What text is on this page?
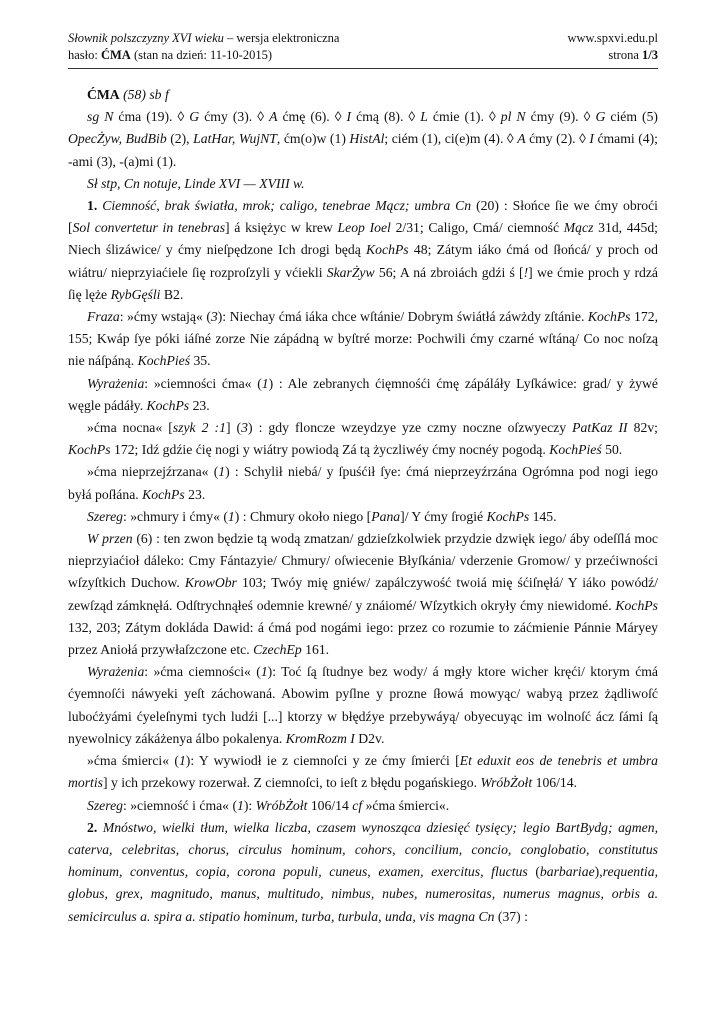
Słownik polszczyzny XVI wieku – wersja elektroniczna	www.spxvi.edu.pl
hasło: ĆMA (stan na dzień: 11-10-2015)	strona 1/3

ĆMA (58) sb f

sg N ćma (19). ◊ G ćmy (3). ◊ A ćmę (6). ◊ I ćmą (8). ◊ L ćmie (1). ◊ pl N ćmy (9). ◊ G ciém (5) OpecŻyw, BudBib (2), LatHar, WujNT, ćm(o)w (1) HistAl; ciém (1), ci(e)m (4). ◊ A ćmy (2). ◊ I ćmami (4); -ami (3), -(a)mi (1).

Sł stp, Cn notuje, Linde XVI — XVIII w.

1. Ciemność, brak światła, mrok; caligo, tenebrae Mącz; umbra Cn (20) : Słońce ſie we ćmy obroći [Sol convertetur in tenebras] á księżyc w krew Leop Ioel 2/31; Caligo, Cmá/ ciemność Mącz 31d, 445d; Niech ślizáwice/ y ćmy nieſpędzone Ich drogi będą KochPs 48; Zátym iáko ćmá od ſłońcá/ y proch od wiátru/ nieprzyiaćiele ſię rozproſzyli y vćiekli SkarŻyw 56; A ná zbroiách gdźi ś [!] we ćmie proch y rdzá ſię lęże RybGęśli B2.

Fraza: »ćmy wstają« (3): Niechay ćmá iáka chce wſtánie/ Dobrym świátłá záwżdy zſtánie. KochPs 172, 155; Kwáp ſye póki iáſné zorze Nie zápádną w byſtré morze: Pochwili ćmy czarné wſtáną/ Co noc noſzą nie náſpáną. KochPieś 35.

Wyrażenia: »ciemności ćma« (1) : Ale zebranych ćięmnośći ćmę zápáláły Lyſkáwice: grad/ y żywé węgle pádáły. KochPs 23.

»ćma nocna« [szyk 2 :1] (3) : gdy floncze wzeydzye yze czmy noczne oſzwyeczy PatKaz II 82v; KochPs 172; Idź gdźie ćię nogi y wiátry powiodą Zá tą życzliwéy ćmy nocnéy pogodą. KochPieś 50.

»ćma nieprzejźrzana« (1) : Schylił niebá/ y ſpuśćił ſye: ćmá nieprzeyźrzána Ogrómna pod nogi iego byłá poſłána. KochPs 23.

Szereg: »chmury i ćmy« (1) : Chmury około niego [Pana]/ Y ćmy ſrogié KochPs 145.

W przen (6) : ten zwon będzie tą wodą zmatzan/ gdzieſzkolwiek przydzie dzwięk iego/ áby odeſſlá moc nieprzyiaćioł dáleko: Cmy Fántazyie/ Chmury/ oſwiecenie Błyſkánia/ vderzenie Gromow/ y przećiwności wſzyſtkich Duchow. KrowObr 103; Twóy mię gniéw/ zapálczywość twoiá mię śćiſnęłá/ Y iáko powódź/ zewſząd zámknęłá. Odſtrychnąłeś odemnie krewné/ y znáiomé/ Wſzytkich okryły ćmy niewidomé. KochPs 132, 203; Zátym dokláda Dawid: á ćmá pod nogámi iego: przez co rozumie to záćmienie Pánnie Máryey przez Aniołá przywłaſzczone etc. CzechEp 161.

Wyrażenia: »ćma ciemności« (1): Toć ſą ſtudnye bez wody/ á mgły ktore wicher kręći/ ktorym ćmá ćyemnoſći náwyeki yeſt záchowaná. Abowim pyſlne y prozne ſłowá mowyąc/ wabyą przez żądliwoſć luboćżyámi ćyeleſnymi tych ludźi [...] ktorzy w błędźye przebywáyą/ obyecuyąc im wolnoſć ácz ſámi ſą nyewolnicy zákáżenya álbo pokalenya. KromRozm I D2v.

»ćma śmierci« (1): Y wywiodł ie z ciemnoſci y ze ćmy ſmierći [Et eduxit eos de tenebris et umbra mortis] y ich przekowy rozerwał. Z ciemnoſci, to ieſt z błędu pogańskiego. WróbŻołt 106/14.

Szereg: »ciemność i ćma« (1): WróbŻołt 106/14 cf »ćma śmierci«.

2. Mnóstwo, wielki tłum, wielka liczba, czasem wynosząca dziesięć tysięcy; legio BartBydg; agmen, caterva, celebritas, chorus, circulus hominum, cohors, concilium, concio, conglobatio, constitutus hominum, conventus, copia, corona populi, cuneus, examen, exercitus, fluctus (barbariae),requentia, globus, grex, magnitudo, manus, multitudo, nimbus, nubes, numerositas, numerus magnus, orbis a. semicirculus a. spira a. stipatio hominum, turba, turbula, unda, vis magna Cn (37) :
